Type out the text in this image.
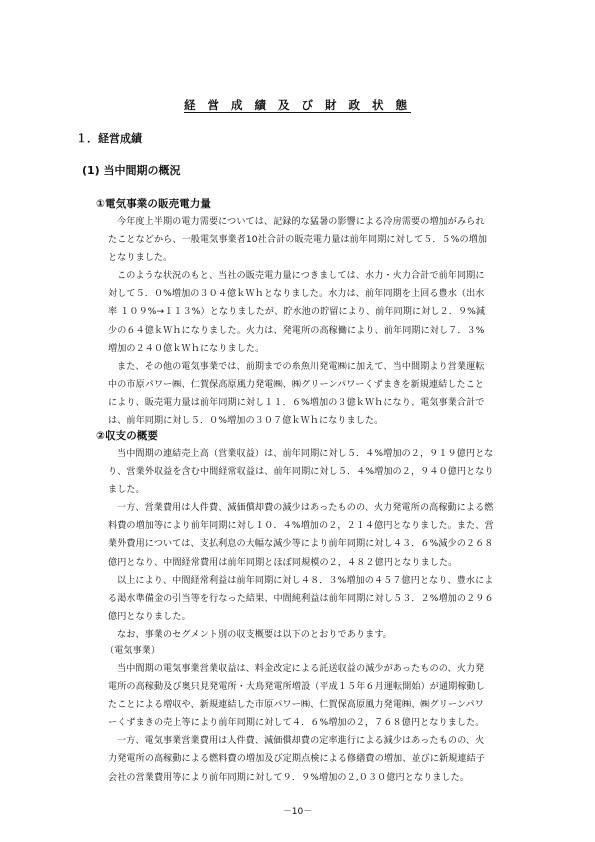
経 営 成 績 及 び 財 政 状 態
１．経営成績
(1) 当中間期の概況
①電気事業の販売電力量

今年度上半期の電力需要については、記録的な猛暑の影響による冷房需要の増加がみられ

たことなどから、一般電気事業者10社合計の販売電力量は前年同期に対して５．５%の増加

となりました。

このような状況のもと、当社の販売電力量につきましては、水力・火力合計で前年同期に

対して５．０%増加の３０４億ｋＷｈとなりました。水力は、前年同期を上回る豊水（出水

率 １０９%→１１３%）となりましたが、貯水池の貯留により、前年同期に対し２．９%減

少の６４億ｋＷｈになりました。火力は、発電所の高稼働により、前年同期に対し７．３%

増加の２４０億ｋＷｈになりました。

また、その他の電気事業では、前期までの糸魚川発電㈱に加えて、当中間期より営業運転

中の市原パワー㈱、仁賀保高原風力発電㈱、㈱グリーンパワーくずまきを新規連結したこと

により、販売電力量は前年同期に対し１１．６%増加の３億ｋＷｈになり、電気事業合計で

は、前年同期に対し５．０%増加の３０７億ｋＷｈになりました。

②収支の概要

当中間期の連結売上高（営業収益）は、前年同期に対し５．４%増加の２，９１９億円とな

り、営業外収益を含む中間経常収益は、前年同期に対し５．４%増加の２，９４０億円となり

ました。

一方、営業費用は人件費、減価償却費の減少はあったものの、火力発電所の高稼動による燃

料費の増加等により前年同期に対し１０．４%増加の２，２１４億円となりました。また、営

業外費用については、支払利息の大幅な減少等により前年同期に対し４３．６%減少の２６８

億円となり、中間経常費用は前年同期とほぼ同規模の２，４８２億円となりました。

以上により、中間経常利益は前年同期に対し４８．３%増加の４５７億円となり、豊水によ

る渇水準備金の引当等を行なった結果、中間純利益は前年同期に対し５３．２%増加の２９６

億円となりました。

なお、事業のセグメント別の収支概要は以下のとおりであります。

（電気事業）

当中間期の電気事業営業収益は、料金改定による託送収益の減少があったものの、火力発

電所の高稼動及び奥只見発電所・大鳥発電所増設（平成１５年６月運転開始）が通期稼動し

たことによる増収や、新規連結した市原パワー㈱、仁賀保高原風力発電㈱、㈱グリーンパワ

ーくずまきの売上等により前年同期に対して４．６%増加の２，７６８億円となりました。

一方、電気事業営業費用は人件費、減価償却費の定率進行による減少はあったものの、火

力発電所の高稼動による燃料費の増加及び定期点検による修繕費の増加、並びに新規連結子

会社の営業費用等により前年同期に対して９．９%増加の２,０３０億円となりました。

－10－
